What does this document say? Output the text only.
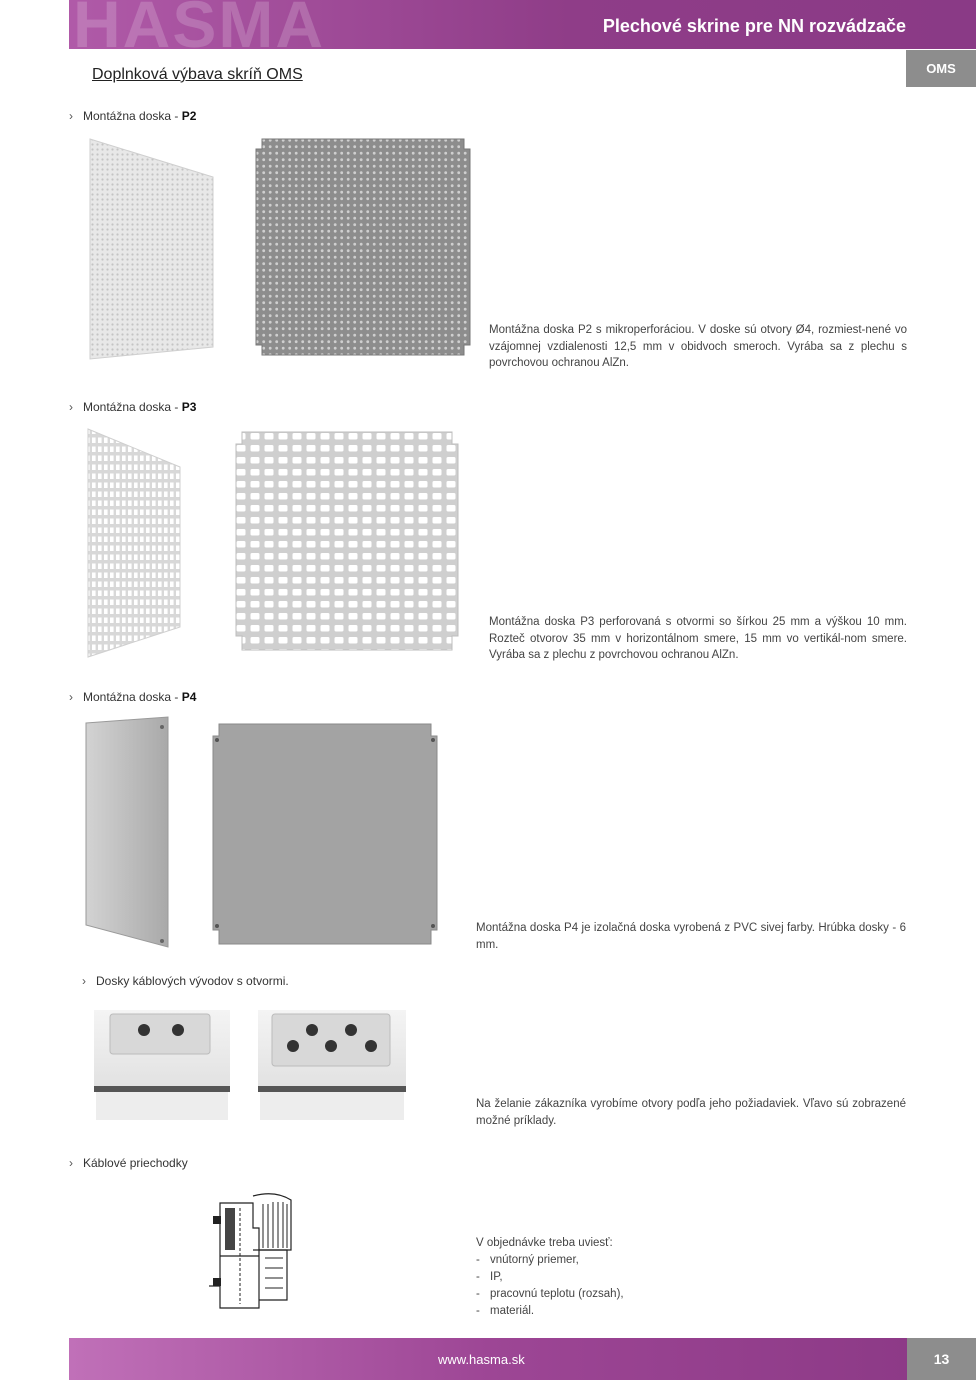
HASMA	Plechové skrine pre NN rozvádzače
OMS
Doplnková výbava skríň OMS
› Montážna doska - P2
Montážna doska P2 s mikroperforáciou. V doske sú otvory Ø4, rozmiest-nené vo vzájomnej vzdialenosti 12,5 mm v obidvoch smeroch. Vyrába sa z plechu s povrchovou ochranou AlZn.
› Montážna doska - P3
Montážna doska P3 perforovaná s otvormi so šírkou 25 mm a výškou 10 mm. Rozteč otvorov 35 mm v horizontálnom smere, 15 mm vo vertikál-nom smere. Vyrába sa z plechu z povrchovou ochranou AlZn.
› Montážna doska - P4
Montážna doska P4 je izolačná doska vyrobená z PVC sivej farby. Hrúbka dosky - 6 mm.
› Dosky káblových vývodov s otvormi.
Na želanie zákazníka vyrobíme otvory podľa jeho požiadaviek. Vľavo sú zobrazené možné príklady.
› Káblové priechodky
V objednávke treba uviesť:
- vnútorný priemer,
- IP,
- pracovnú teplotu (rozsah),
- materiál.
www.hasma.sk	13
